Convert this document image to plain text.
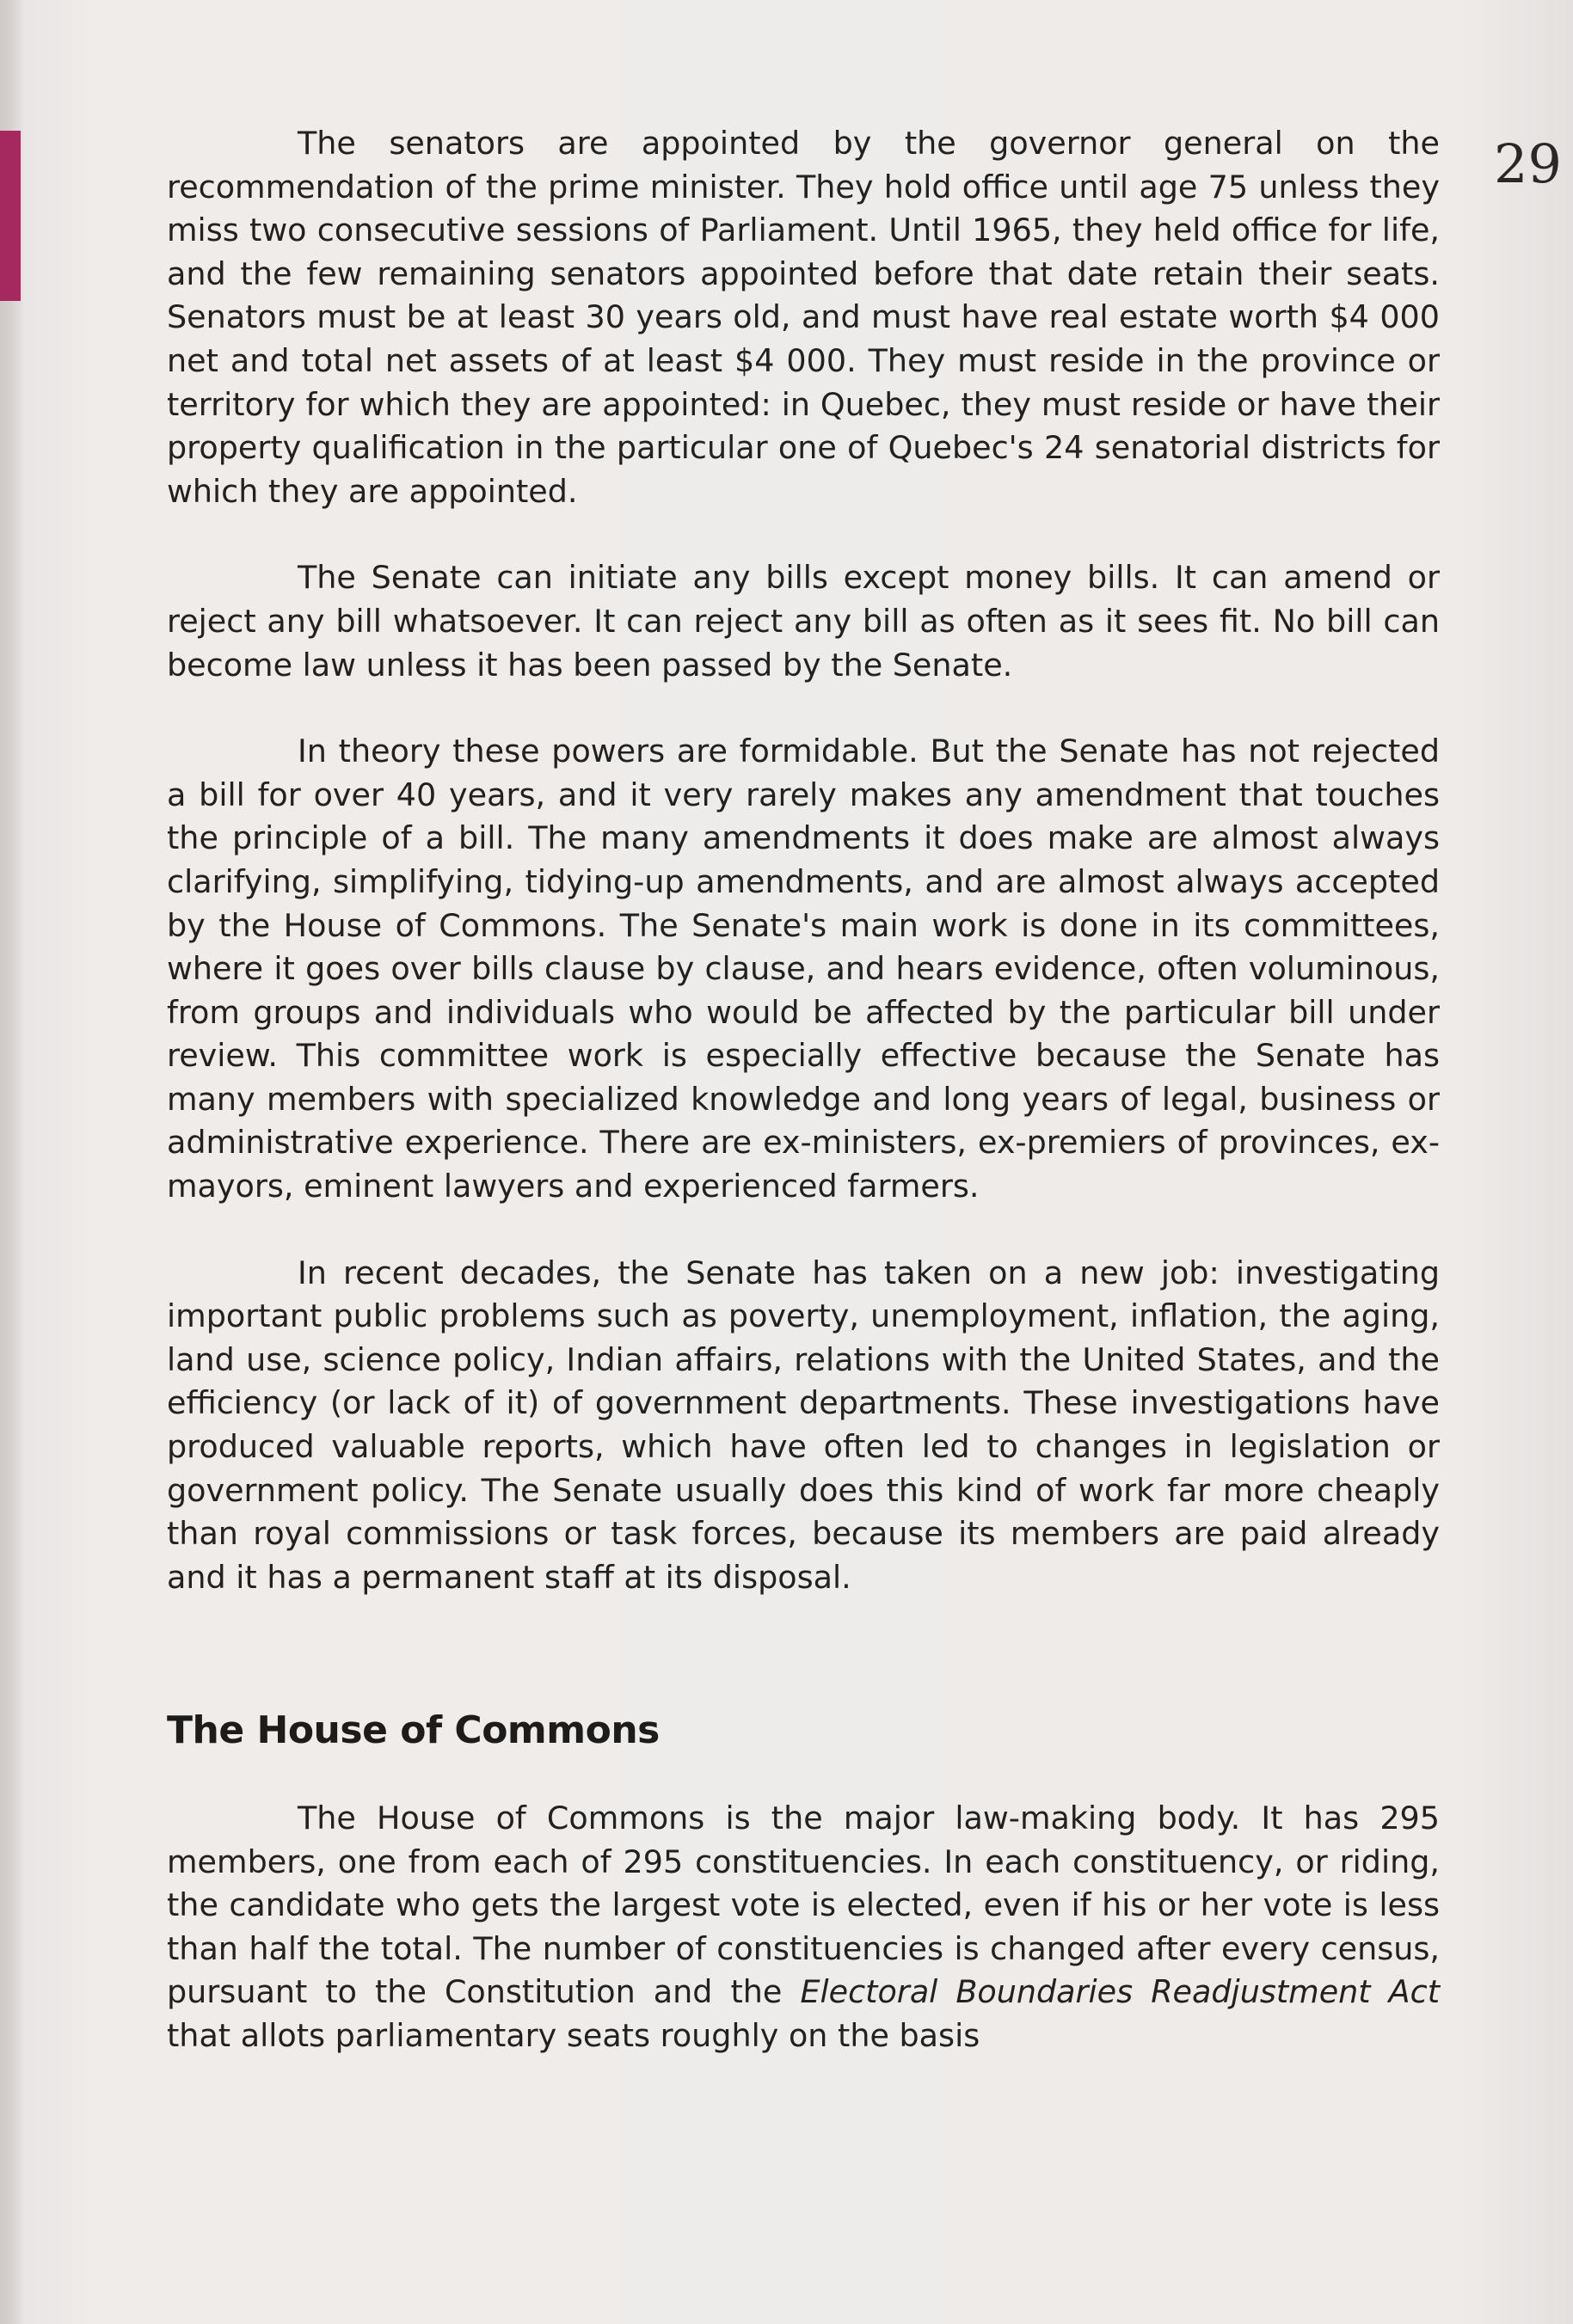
29

The senators are appointed by the governor general on the recommendation of the prime minister. They hold office until age 75 unless they miss two consecutive sessions of Parliament. Until 1965, they held office for life, and the few remaining senators appointed before that date retain their seats. Senators must be at least 30 years old, and must have real estate worth $4 000 net and total net assets of at least $4 000. They must reside in the province or territory for which they are appointed: in Quebec, they must reside or have their property qualification in the particular one of Quebec's 24 senatorial districts for which they are appointed.

The Senate can initiate any bills except money bills. It can amend or reject any bill whatsoever. It can reject any bill as often as it sees fit. No bill can become law unless it has been passed by the Senate.

In theory these powers are formidable. But the Senate has not rejected a bill for over 40 years, and it very rarely makes any amendment that touches the principle of a bill. The many amendments it does make are almost always clarifying, simplifying, tidying-up amendments, and are almost always accepted by the House of Commons. The Senate's main work is done in its committees, where it goes over bills clause by clause, and hears evidence, often voluminous, from groups and individuals who would be affected by the particular bill under review. This committee work is especially effective because the Senate has many members with specialized knowledge and long years of legal, business or administrative experience. There are ex-ministers, ex-premiers of provinces, ex-mayors, eminent lawyers and experienced farmers.

In recent decades, the Senate has taken on a new job: investigating important public problems such as poverty, unemployment, inflation, the aging, land use, science policy, Indian affairs, relations with the United States, and the efficiency (or lack of it) of government departments. These investigations have produced valuable reports, which have often led to changes in legislation or government policy. The Senate usually does this kind of work far more cheaply than royal commissions or task forces, because its members are paid already and it has a permanent staff at its disposal.

The House of Commons

The House of Commons is the major law-making body. It has 295 members, one from each of 295 constituencies. In each constituency, or riding, the candidate who gets the largest vote is elected, even if his or her vote is less than half the total. The number of constituencies is changed after every census, pursuant to the Constitution and the Electoral Boundaries Readjustment Act that allots parliamentary seats roughly on the basis
